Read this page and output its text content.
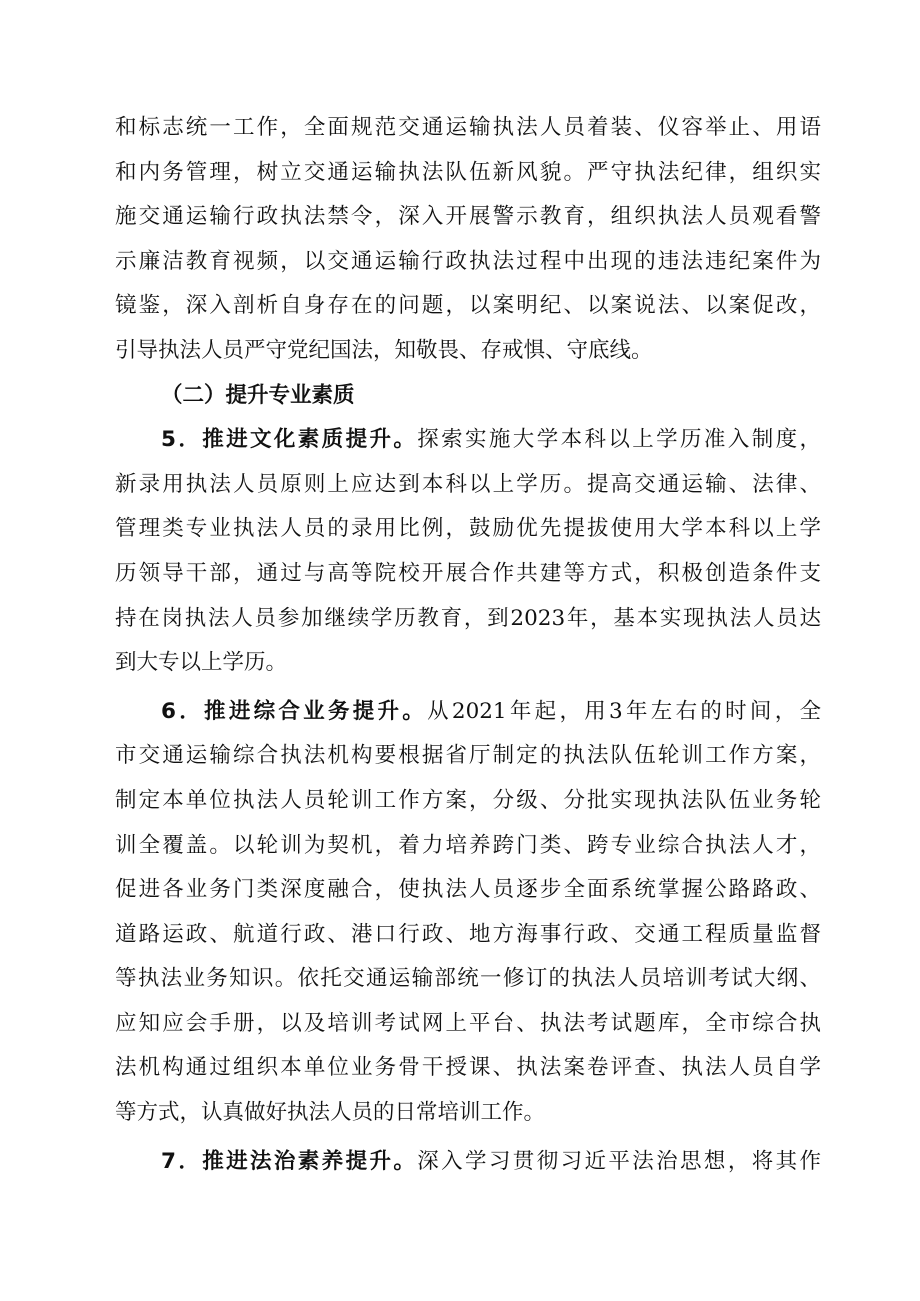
和标志统一工作，全面规范交通运输执法人员着装、仪容举止、用语
和内务管理，树立交通运输执法队伍新风貌。严守执法纪律，组织实
施交通运输行政执法禁令，深入开展警示教育，组织执法人员观看警
示廉洁教育视频，以交通运输行政执法过程中出现的违法违纪案件为
镜鉴，深入剖析自身存在的问题，以案明纪、以案说法、以案促改，
引导执法人员严守党纪国法，知敬畏、存戒惧、守底线。
（二）提升专业素质
5．推进文化素质提升。探索实施大学本科以上学历准入制度，
新录用执法人员原则上应达到本科以上学历。提高交通运输、法律、
管理类专业执法人员的录用比例，鼓励优先提拔使用大学本科以上学
历领导干部，通过与高等院校开展合作共建等方式，积极创造条件支
持在岗执法人员参加继续学历教育，到2023年，基本实现执法人员达
到大专以上学历。
6．推进综合业务提升。从2021年起，用3年左右的时间，全
市交通运输综合执法机构要根据省厅制定的执法队伍轮训工作方案，
制定本单位执法人员轮训工作方案，分级、分批实现执法队伍业务轮
训全覆盖。以轮训为契机，着力培养跨门类、跨专业综合执法人才，
促进各业务门类深度融合，使执法人员逐步全面系统掌握公路路政、
道路运政、航道行政、港口行政、地方海事行政、交通工程质量监督
等执法业务知识。依托交通运输部统一修订的执法人员培训考试大纲、
应知应会手册，以及培训考试网上平台、执法考试题库，全市综合执
法机构通过组织本单位业务骨干授课、执法案卷评查、执法人员自学
等方式，认真做好执法人员的日常培训工作。
7．推进法治素养提升。深入学习贯彻习近平法治思想，将其作
